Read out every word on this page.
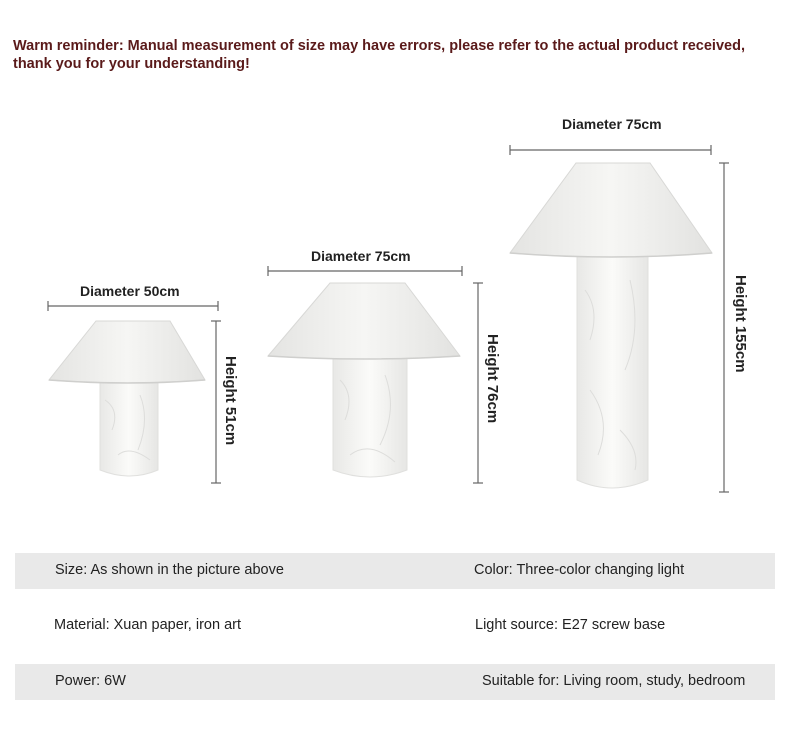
Warm reminder: Manual measurement of size may have errors, please refer to the actual product received, thank you for your understanding!
Diameter 50cm
Diameter 75cm
Diameter 75cm
Height 51cm	Height 76cm
Height 155cm
Size: As shown in the picture above	Color: Three-color changing light
Material: Xuan paper, iron art	Light source: E27 screw base
Power: 6W	Suitable for: Living room, study, bedroom
